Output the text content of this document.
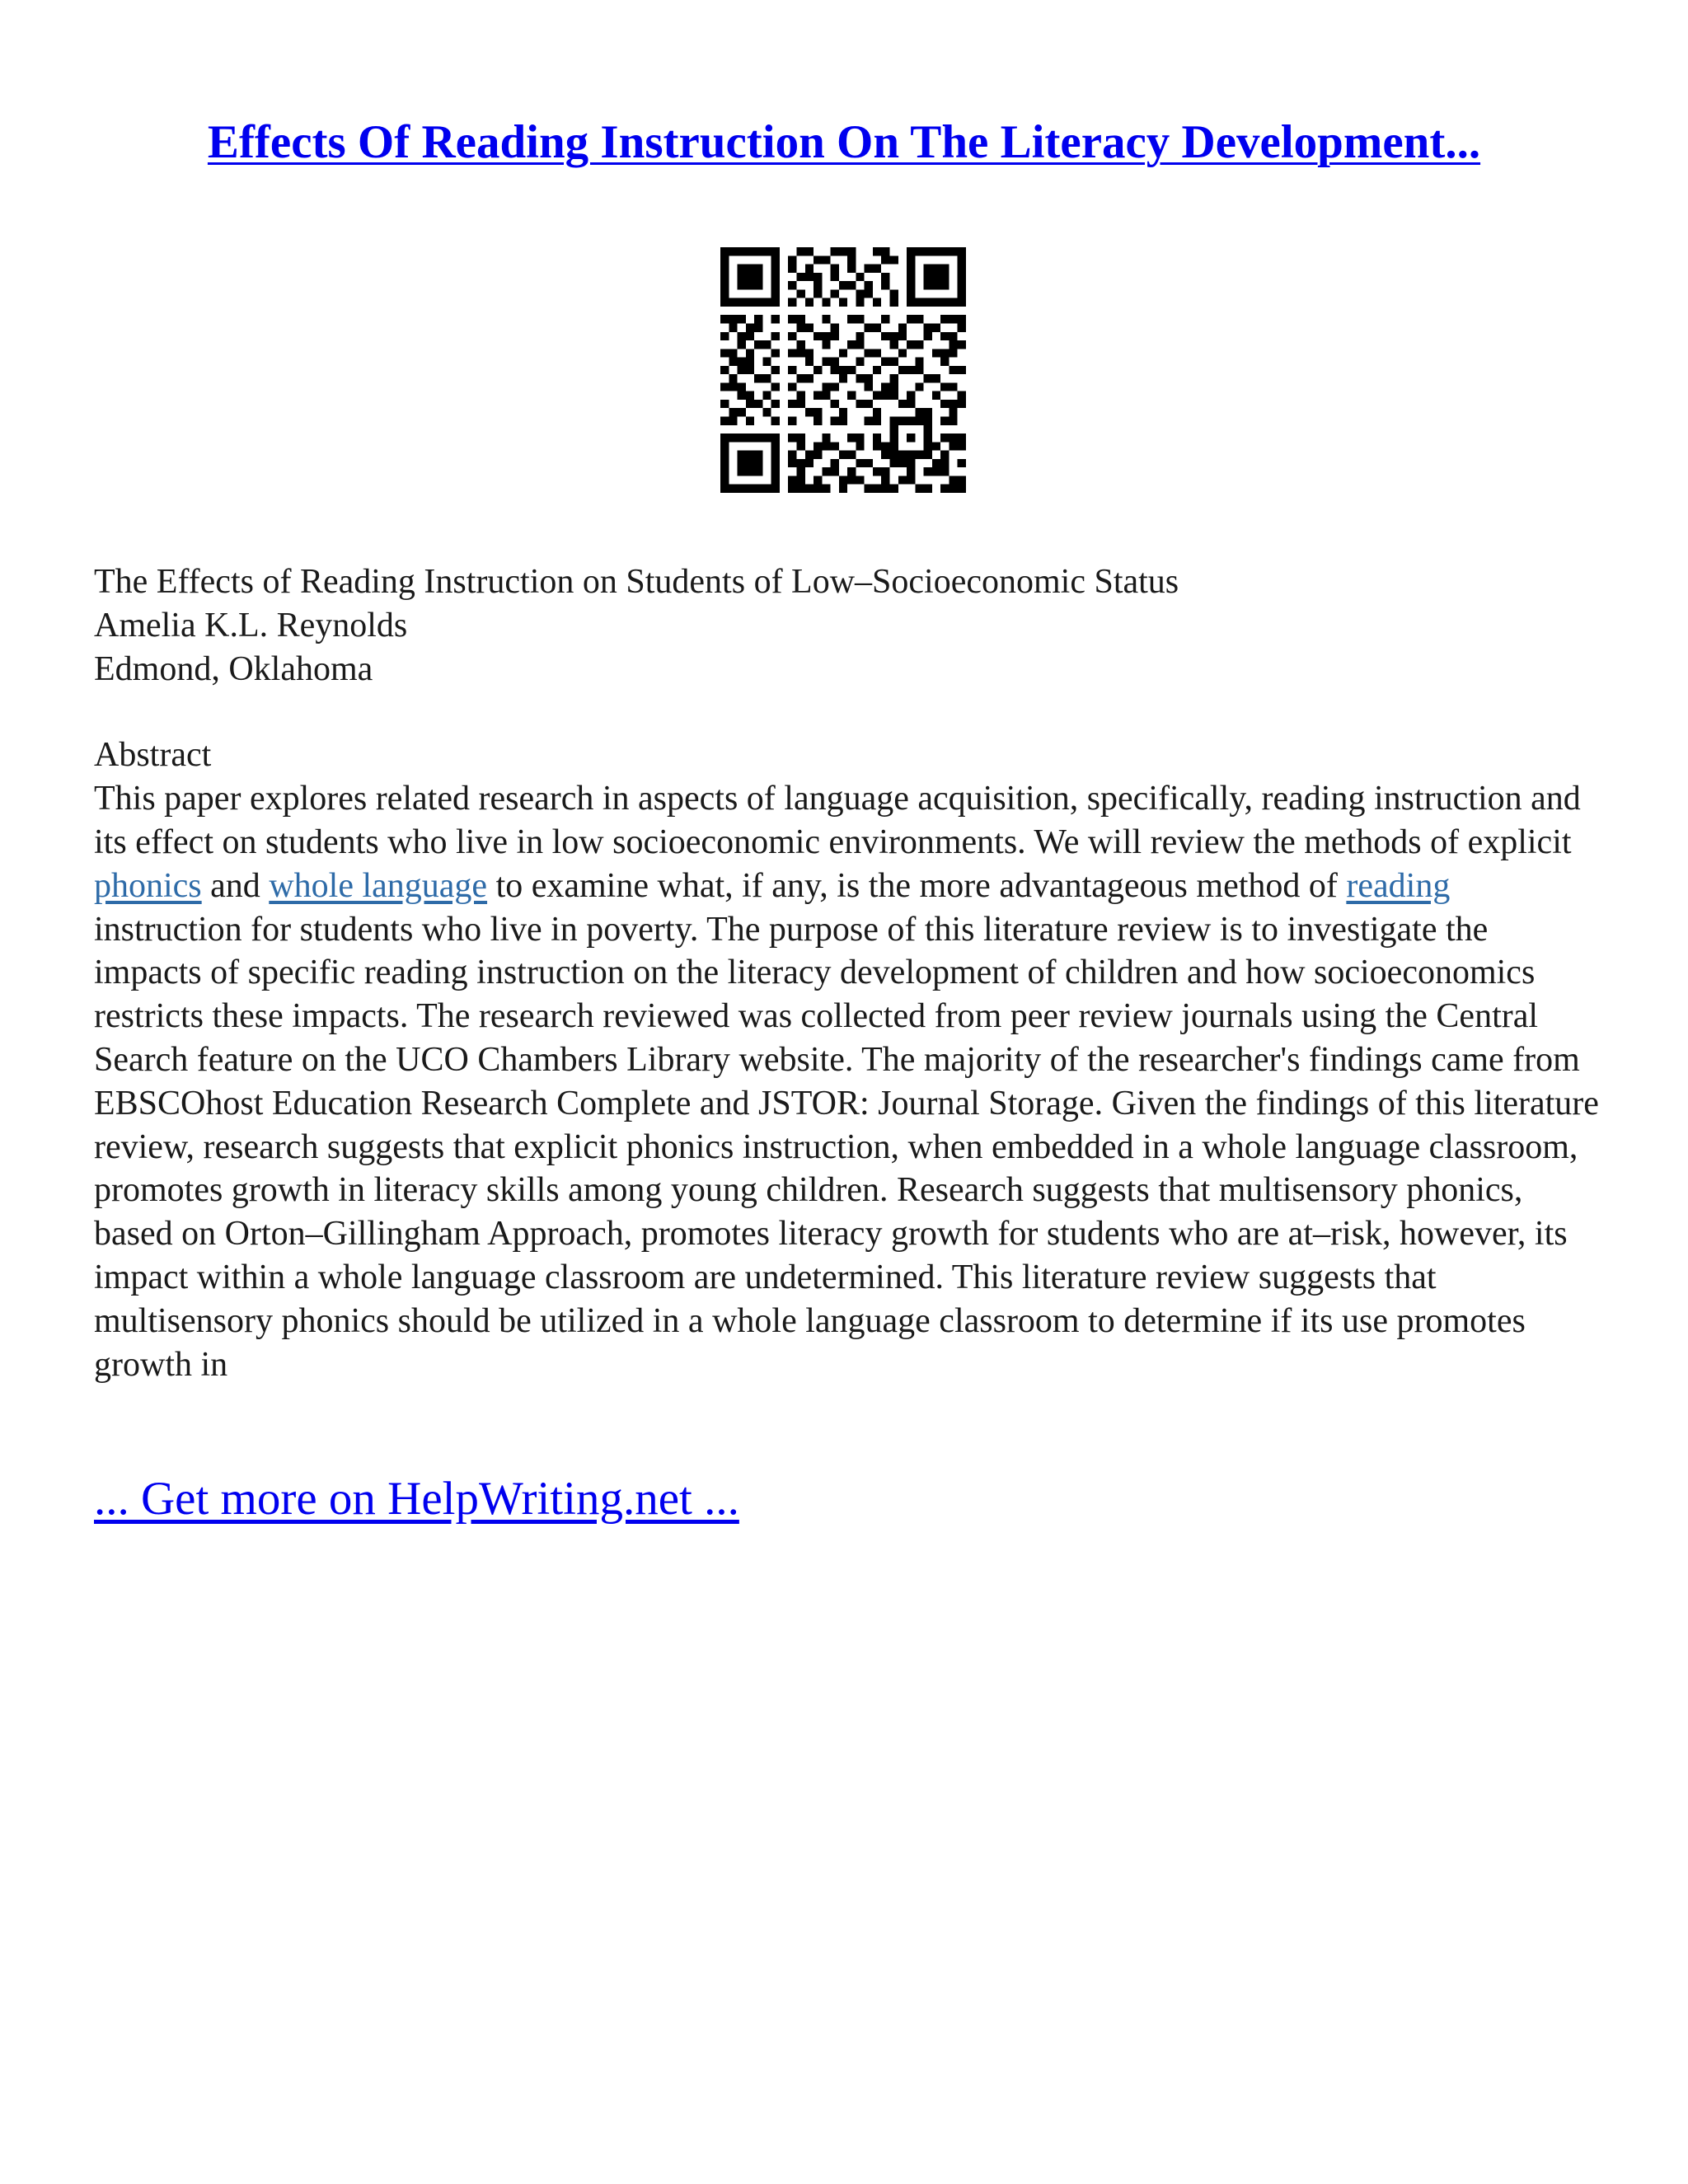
Effects Of Reading Instruction On The Literacy Development...

The Effects of Reading Instruction on Students of Low–Socioeconomic Status

Amelia K.L. Reynolds

Edmond, Oklahoma

Abstract

This paper explores related research in aspects of language acquisition, specifically, reading instruction and its effect on students who live in low socioeconomic environments. We will review the methods of explicit phonics and whole language to examine what, if any, is the more advantageous method of reading instruction for students who live in poverty. The purpose of this literature review is to investigate the impacts of specific reading instruction on the literacy development of children and how socioeconomics restricts these impacts. The research reviewed was collected from peer review journals using the Central Search feature on the UCO Chambers Library website. The majority of the researcher's findings came from EBSCOhost Education Research Complete and JSTOR: Journal Storage. Given the findings of this literature review, research suggests that explicit phonics instruction, when embedded in a whole language classroom, promotes growth in literacy skills among young children. Research suggests that multisensory phonics, based on Orton–Gillingham Approach, promotes literacy growth for students who are at–risk, however, its impact within a whole language classroom are undetermined. This literature review suggests that multisensory phonics should be utilized in a whole language classroom to determine if its use promotes growth in

... Get more on HelpWriting.net ...
